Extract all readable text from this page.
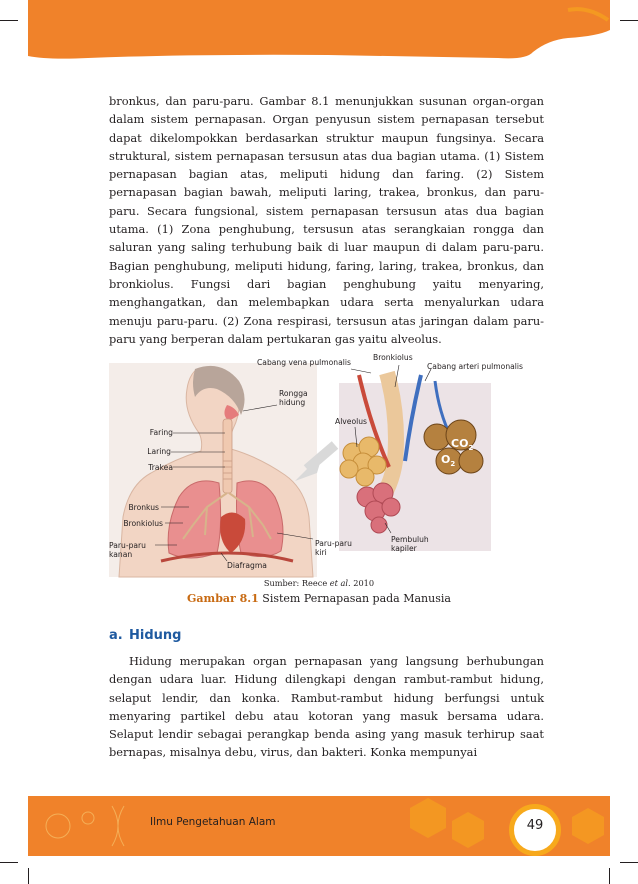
bronkus, dan paru-paru. Gambar 8.1 menunjukkan susunan organ-organ dalam sistem pernapasan. Organ penyusun sistem pernapasan tersebut dapat dikelompokkan berdasarkan struktur maupun fungsinya. Secara struktural, sistem pernapasan tersusun atas dua bagian utama. (1) Sistem pernapasan bagian atas, meliputi hidung dan faring. (2) Sistem pernapasan bagian bawah, meliputi laring, trakea, bronkus, dan paru-paru. Secara fungsional, sistem pernapasan tersusun atas dua bagian utama. (1) Zona penghubung, tersusun atas serangkaian rongga dan saluran yang saling terhubung baik di luar maupun di dalam paru-paru. Bagian penghubung, meliputi hidung, faring, laring, trakea, bronkus, dan bronkiolus. Fungsi dari bagian penghubung yaitu menyaring, menghangatkan, dan melembapkan udara serta menyalurkan udara menuju paru-paru. (2) Zona respirasi, tersusun atas jaringan dalam paru-paru yang berperan dalam pertukaran gas yaitu alveolus.

Cabang vena pulmonalis
Bronkiolus
Cabang arteri pulmonalis
Rongga
hidung
Alveolus
Faring
Laring
Trakea
Bronkus
Bronkiolus
Paru-paru
kanan
Diafragma
Paru-paru
kiri
Pembuluh
kapiler
$CO_2$
$O_2$
Sumber: Reece et al. 2010
Gambar 8.1 Sistem Pernapasan pada Manusia
a. Hidung

Hidung merupakan organ pernapasan yang langsung berhubungan dengan udara luar. Hidung dilengkapi dengan rambut-rambut hidung, selaput lendir, dan konka. Rambut-rambut hidung berfungsi untuk menyaring partikel debu atau kotoran yang masuk bersama udara. Selaput lendir sebagai perangkap benda asing yang masuk terhirup saat bernapas, misalnya debu, virus, dan bakteri. Konka mempunyai

Ilmu Pengetahuan Alam	49
